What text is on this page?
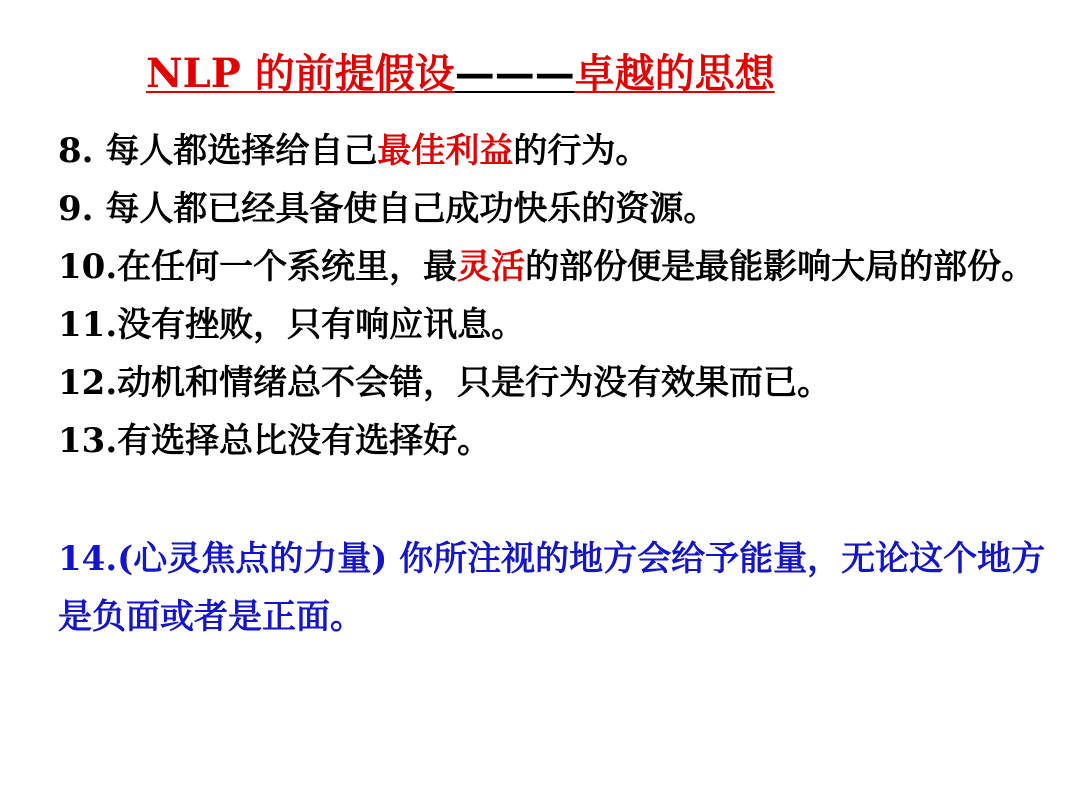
NLP 的前提假设———卓越的思想
8. 每人都选择给自己最佳利益的行为。
9. 每人都已经具备使自己成功快乐的资源。
10.在任何一个系统里，最灵活的部份便是最能影响大局的部份。
11.没有挫败，只有响应讯息。
12.动机和情绪总不会错，只是行为没有效果而已。
13.有选择总比没有选择好。
14.(心灵焦点的力量) 你所注视的地方会给予能量，无论这个地方是负面或者是正面。
